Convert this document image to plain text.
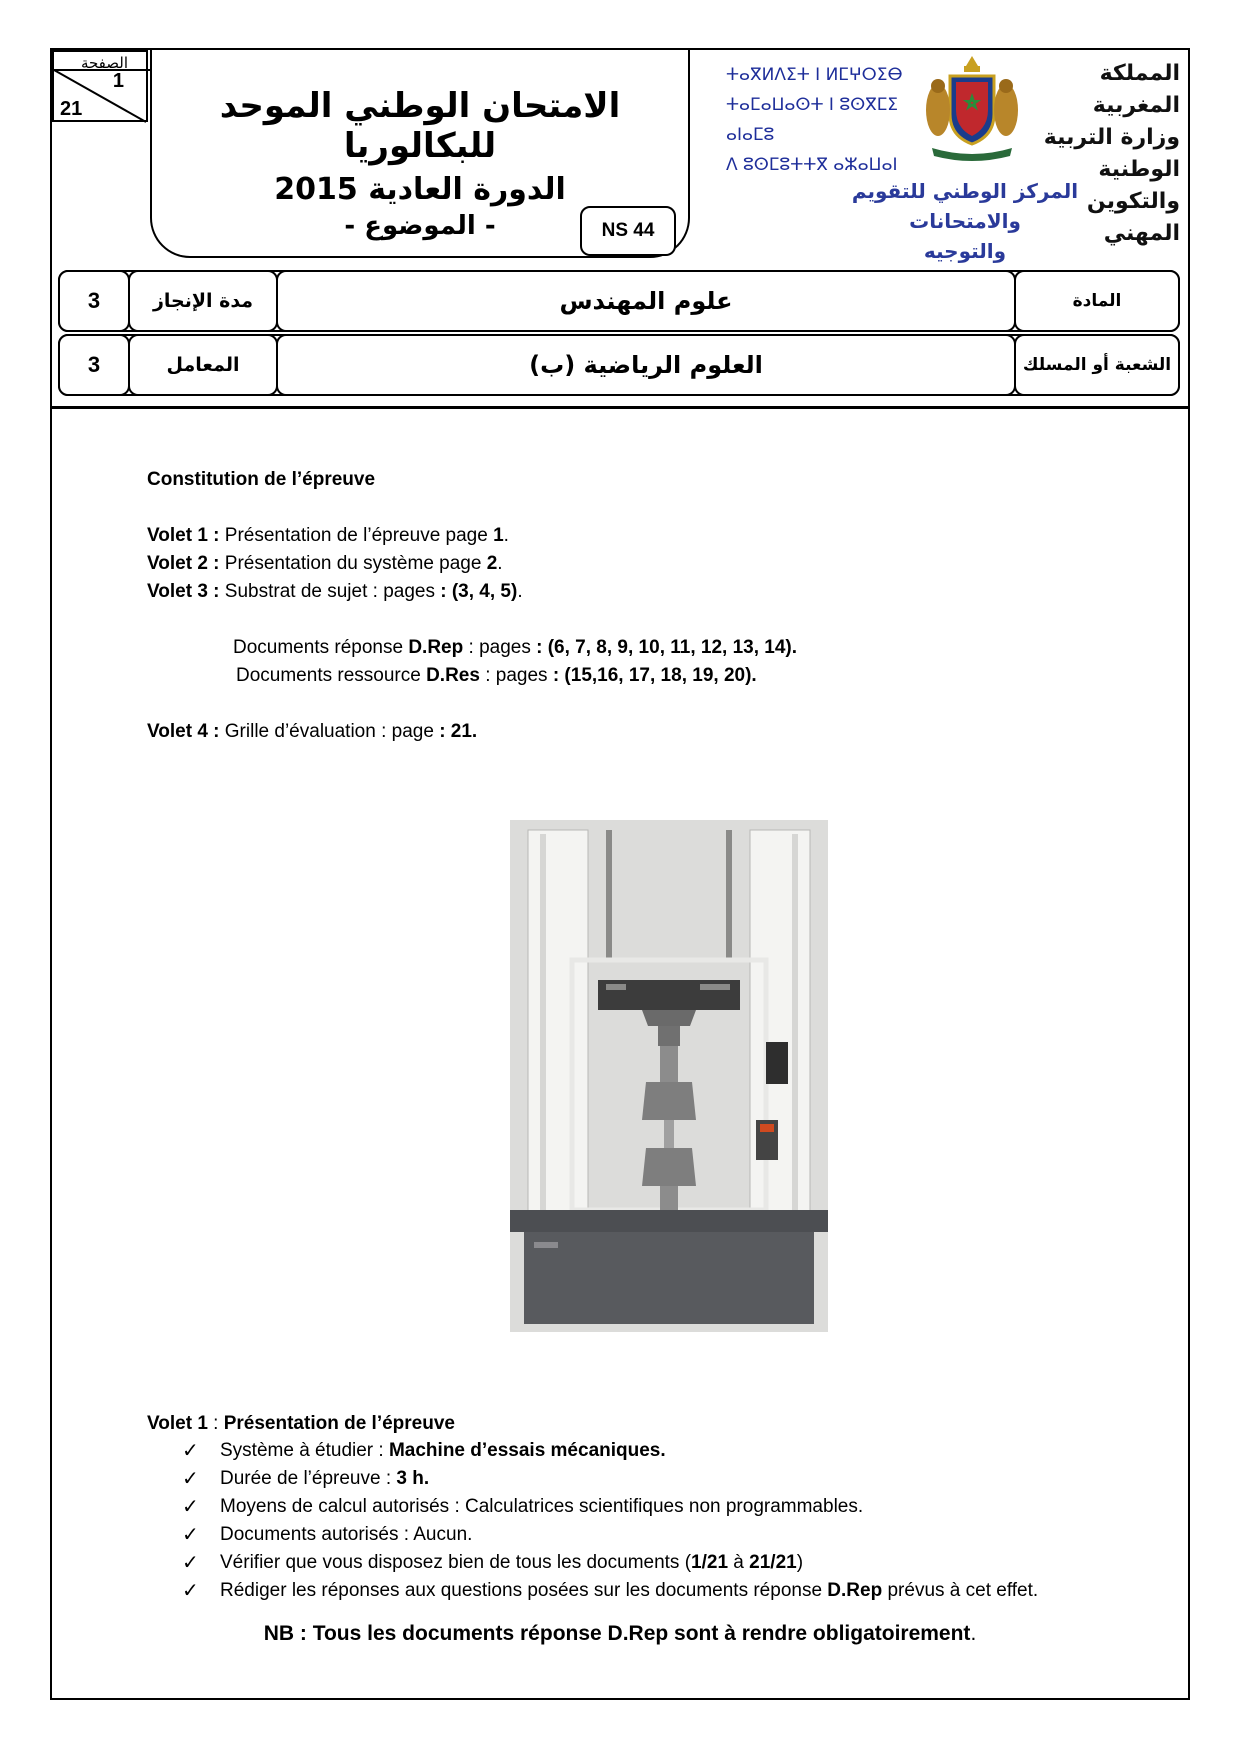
الصفحة
1
21	الامتحان الوطني الموحد للبكالوريا
الدورة العادية 2015
- الموضوع -	NS 44
ⵜⴰⴳⵍⴷⵉⵜ ⵏ ⵍⵎⵖⵔⵉⴱ
ⵜⴰⵎⴰⵡⴰⵙⵜ ⵏ ⵓⵙⴳⵎⵉ ⴰⵏⴰⵎⵓ
ⴷ ⵓⵙⵎⵓⵜⵜⴳ ⴰⵣⴰⵡⴰⵏ
المملكة المغربية
وزارة التربية الوطنية
والتكوين المهني
المركز الوطني للتقويم والامتحانات
والتوجيه
3	مدة الإنجاز	علوم المهندس	المادة
3	المعامل	العلوم الرياضية (ب)	الشعبة أو المسلك
Constitution de l’épreuve
Volet 1 : Présentation de l’épreuve page 1.
Volet 2 : Présentation du système page 2.
Volet 3 : Substrat de sujet : pages : (3, 4, 5).
Documents réponse D.Rep : pages : (6, 7, 8, 9, 10, 11, 12, 13, 14).
Documents ressource D.Res : pages : (15,16, 17, 18, 19, 20).
Volet 4 : Grille d’évaluation : page : 21.
Volet 1 : Présentation de l’épreuve
✓ Système à étudier : Machine d’essais mécaniques.
✓ Durée de l’épreuve : 3 h.
✓ Moyens de calcul autorisés : Calculatrices scientifiques non programmables.
✓ Documents autorisés : Aucun.
✓ Vérifier que vous disposez bien de tous les documents (1/21 à 21/21)
✓ Rédiger les réponses aux questions posées sur les documents réponse D.Rep prévus à cet effet.
NB : Tous les documents réponse D.Rep sont à rendre obligatoirement.
